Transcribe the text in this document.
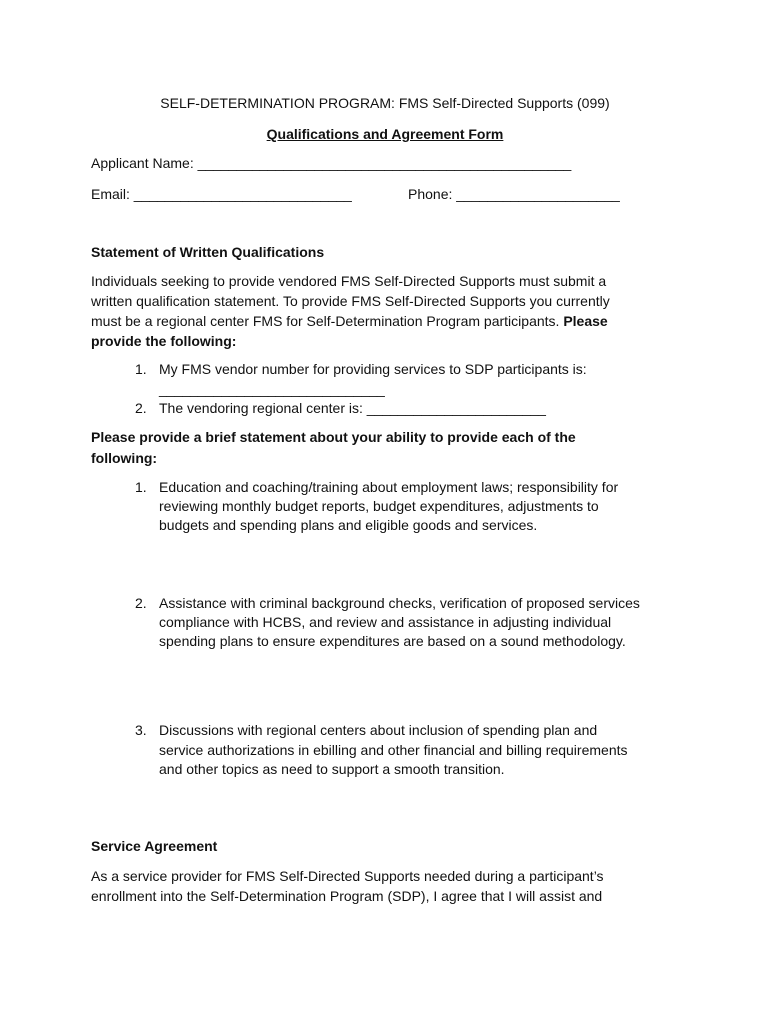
SELF-DETERMINATION PROGRAM: FMS Self-Directed Supports (099)
Qualifications and Agreement Form
Applicant Name: ________________________________________________
Email: ____________________________	Phone: _____________________
Statement of Written Qualifications
Individuals seeking to provide vendored FMS Self-Directed Supports must submit a
written qualification statement. To provide FMS Self-Directed Supports you currently
must be a regional center FMS for Self-Determination Program participants. Please
provide the following:
1. My FMS vendor number for providing services to SDP participants is:
_____________________________
2. The vendoring regional center is: _______________________
Please provide a brief statement about your ability to provide each of the
following:
1. Education and coaching/training about employment laws; responsibility for
reviewing monthly budget reports, budget expenditures, adjustments to
budgets and spending plans and eligible goods and services.
2. Assistance with criminal background checks, verification of proposed services
compliance with HCBS, and review and assistance in adjusting individual
spending plans to ensure expenditures are based on a sound methodology.
3. Discussions with regional centers about inclusion of spending plan and
service authorizations in ebilling and other financial and billing requirements
and other topics as need to support a smooth transition.
Service Agreement
As a service provider for FMS Self-Directed Supports needed during a participant’s
enrollment into the Self-Determination Program (SDP), I agree that I will assist and
